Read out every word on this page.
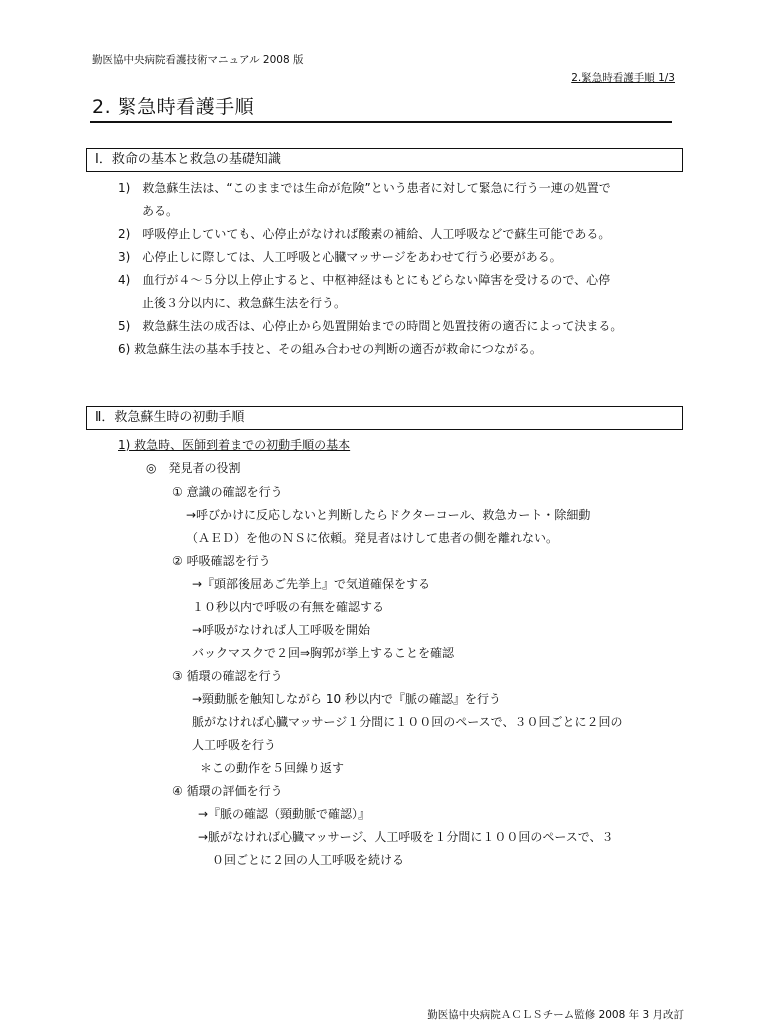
勤医協中央病院看護技術マニュアル 2008 版
2.緊急時看護手順 1/3
2. 緊急時看護手順
Ⅰ．救命の基本と救急の基礎知識
1)　救急蘇生法は、“このままでは生命が危険”という患者に対して緊急に行う一連の処置で
ある。
2)　呼吸停止していても、心停止がなければ酸素の補給、人工呼吸などで蘇生可能である。
3)　心停止しに際しては、人工呼吸と心臓マッサージをあわせて行う必要がある。
4)　血行が４～５分以上停止すると、中枢神経はもとにもどらない障害を受けるので、心停
止後３分以内に、救急蘇生法を行う。
5)　救急蘇生法の成否は、心停止から処置開始までの時間と処置技術の適否によって決まる。
6) 救急蘇生法の基本手技と、その組み合わせの判断の適否が救命につながる。
Ⅱ．救急蘇生時の初動手順
1) 救急時、医師到着までの初動手順の基本
◎　発見者の役割
① 意識の確認を行う
→呼びかけに反応しないと判断したらドクターコール、救急カート・除細動
（ＡＥＤ）を他のＮＳに依頼。発見者はけして患者の側を離れない。
② 呼吸確認を行う
→『頭部後屈あご先挙上』で気道確保をする
１０秒以内で呼吸の有無を確認する
→呼吸がなければ人工呼吸を開始
バックマスクで２回⇒胸郭が挙上することを確認
③ 循環の確認を行う
→頸動脈を触知しながら 10 秒以内で『脈の確認』を行う
脈がなければ心臓マッサージ１分間に１００回のペースで、３０回ごとに２回の
人工呼吸を行う
＊この動作を５回繰り返す
④ 循環の評価を行う
→『脈の確認（頸動脈で確認）』
→脈がなければ心臓マッサージ、人工呼吸を１分間に１００回のペースで、３
０回ごとに２回の人工呼吸を続ける
勤医協中央病院ＡＣＬＳチーム監修 2008 年 3 月改訂
